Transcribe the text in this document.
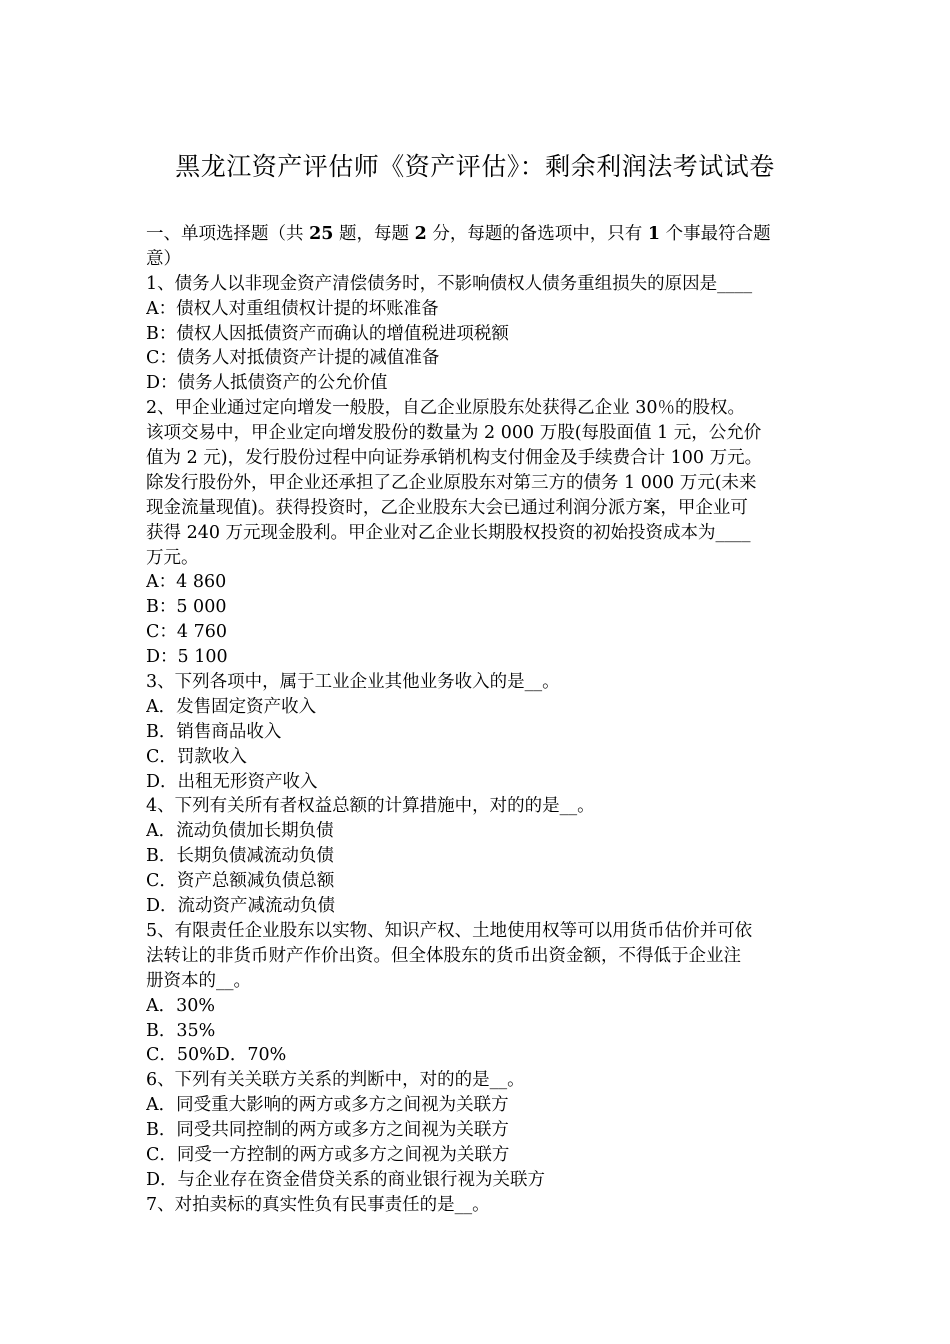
黑龙江资产评估师《资产评估》：剩余利润法考试试卷
一、单项选择题（共 25 题，每题 2 分，每题的备选项中，只有 1 个事最符合题
意）
1、债务人以非现金资产清偿债务时，不影响债权人债务重组损失的原因是____
A：债权人对重组债权计提的坏账准备
B：债权人因抵债资产而确认的增值税进项税额
C：债务人对抵债资产计提的减值准备
D：债务人抵债资产的公允价值
2、甲企业通过定向增发一般股，自乙企业原股东处获得乙企业 30％的股权。
该项交易中，甲企业定向增发股份的数量为 2 000 万股(每股面值 1 元，公允价
值为 2 元)，发行股份过程中向证券承销机构支付佣金及手续费合计 100 万元。
除发行股份外，甲企业还承担了乙企业原股东对第三方的债务 1 000 万元(未来
现金流量现值)。获得投资时，乙企业股东大会已通过利润分派方案，甲企业可
获得 240 万元现金股利。甲企业对乙企业长期股权投资的初始投资成本为____
万元。
A：4 860
B：5 000
C：4 760
D：5 100
3、下列各项中，属于工业企业其他业务收入的是__。
A．发售固定资产收入
B．销售商品收入
C．罚款收入
D．出租无形资产收入
4、下列有关所有者权益总额的计算措施中，对的的是__。
A．流动负债加长期负债
B．长期负债减流动负债
C．资产总额减负债总额
D．流动资产减流动负债
5、有限责任企业股东以实物、知识产权、土地使用权等可以用货币估价并可依
法转让的非货币财产作价出资。但全体股东的货币出资金额，不得低于企业注
册资本的__。
A．30%
B．35%
C．50%D．70%
6、下列有关关联方关系的判断中，对的的是__。
A．同受重大影响的两方或多方之间视为关联方
B．同受共同控制的两方或多方之间视为关联方
C．同受一方控制的两方或多方之间视为关联方
D．与企业存在资金借贷关系的商业银行视为关联方
7、对拍卖标的真实性负有民事责任的是__。
